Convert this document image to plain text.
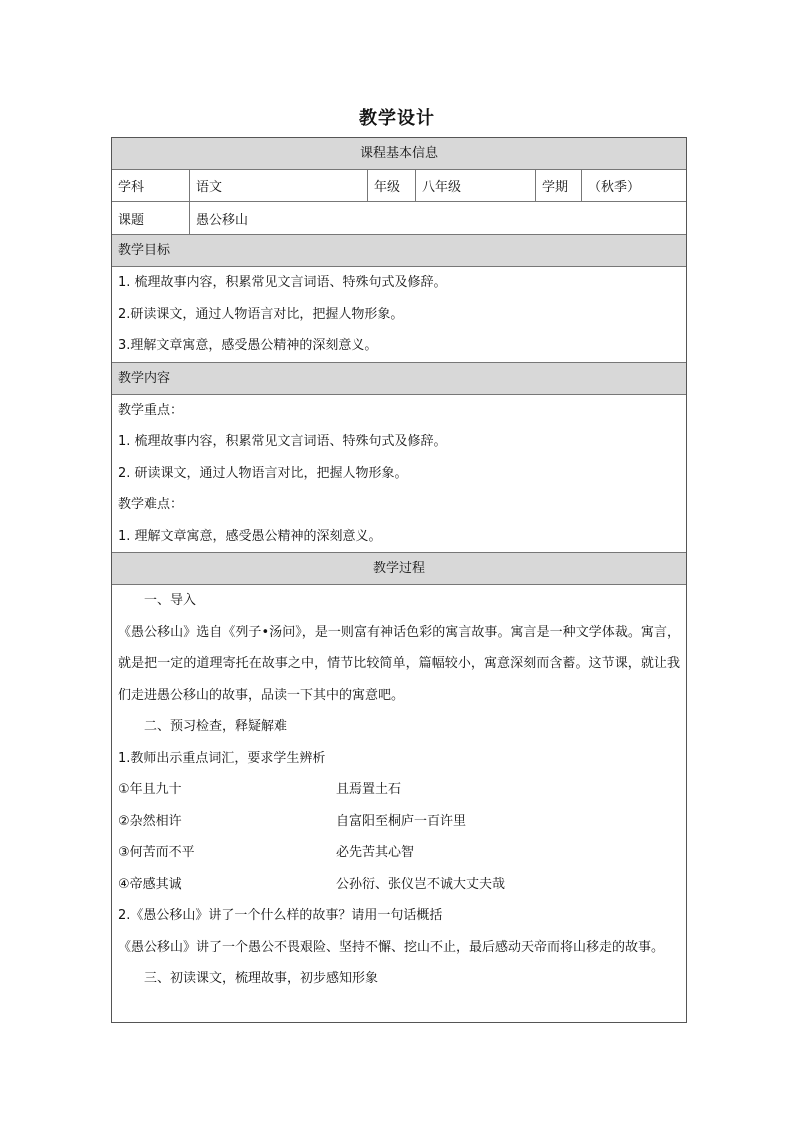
教学设计
课程基本信息
学科	语文	年级	八年级	学期	（秋季）
课题	愚公移山
教学目标
1. 梳理故事内容，积累常见文言词语、特殊句式及修辞。
2.研读课文，通过人物语言对比，把握人物形象。
3.理解文章寓意，感受愚公精神的深刻意义。
教学内容
教学重点：
1. 梳理故事内容，积累常见文言词语、特殊句式及修辞。
2. 研读课文，通过人物语言对比，把握人物形象。
教学难点：
1. 理解文章寓意，感受愚公精神的深刻意义。
教学过程
一、导入
《愚公移山》选自《列子•汤问》，是一则富有神话色彩的寓言故事。寓言是一种文学体裁。寓言，就是把一定的道理寄托在故事之中，情节比较简单，篇幅较小，寓意深刻而含蓄。这节课，就让我们走进愚公移山的故事，品读一下其中的寓意吧。
二、预习检查，释疑解难
1.教师出示重点词汇，要求学生辨析
①年且九十	且焉置土石
②杂然相许	自富阳至桐庐一百许里
③何苦而不平	必先苦其心智
④帝感其诚	公孙衍、张仪岂不诚大丈夫哉
2.《愚公移山》讲了一个什么样的故事？请用一句话概括
《愚公移山》讲了一个愚公不畏艰险、坚持不懈、挖山不止，最后感动天帝而将山移走的故事。
三、初读课文，梳理故事，初步感知形象
